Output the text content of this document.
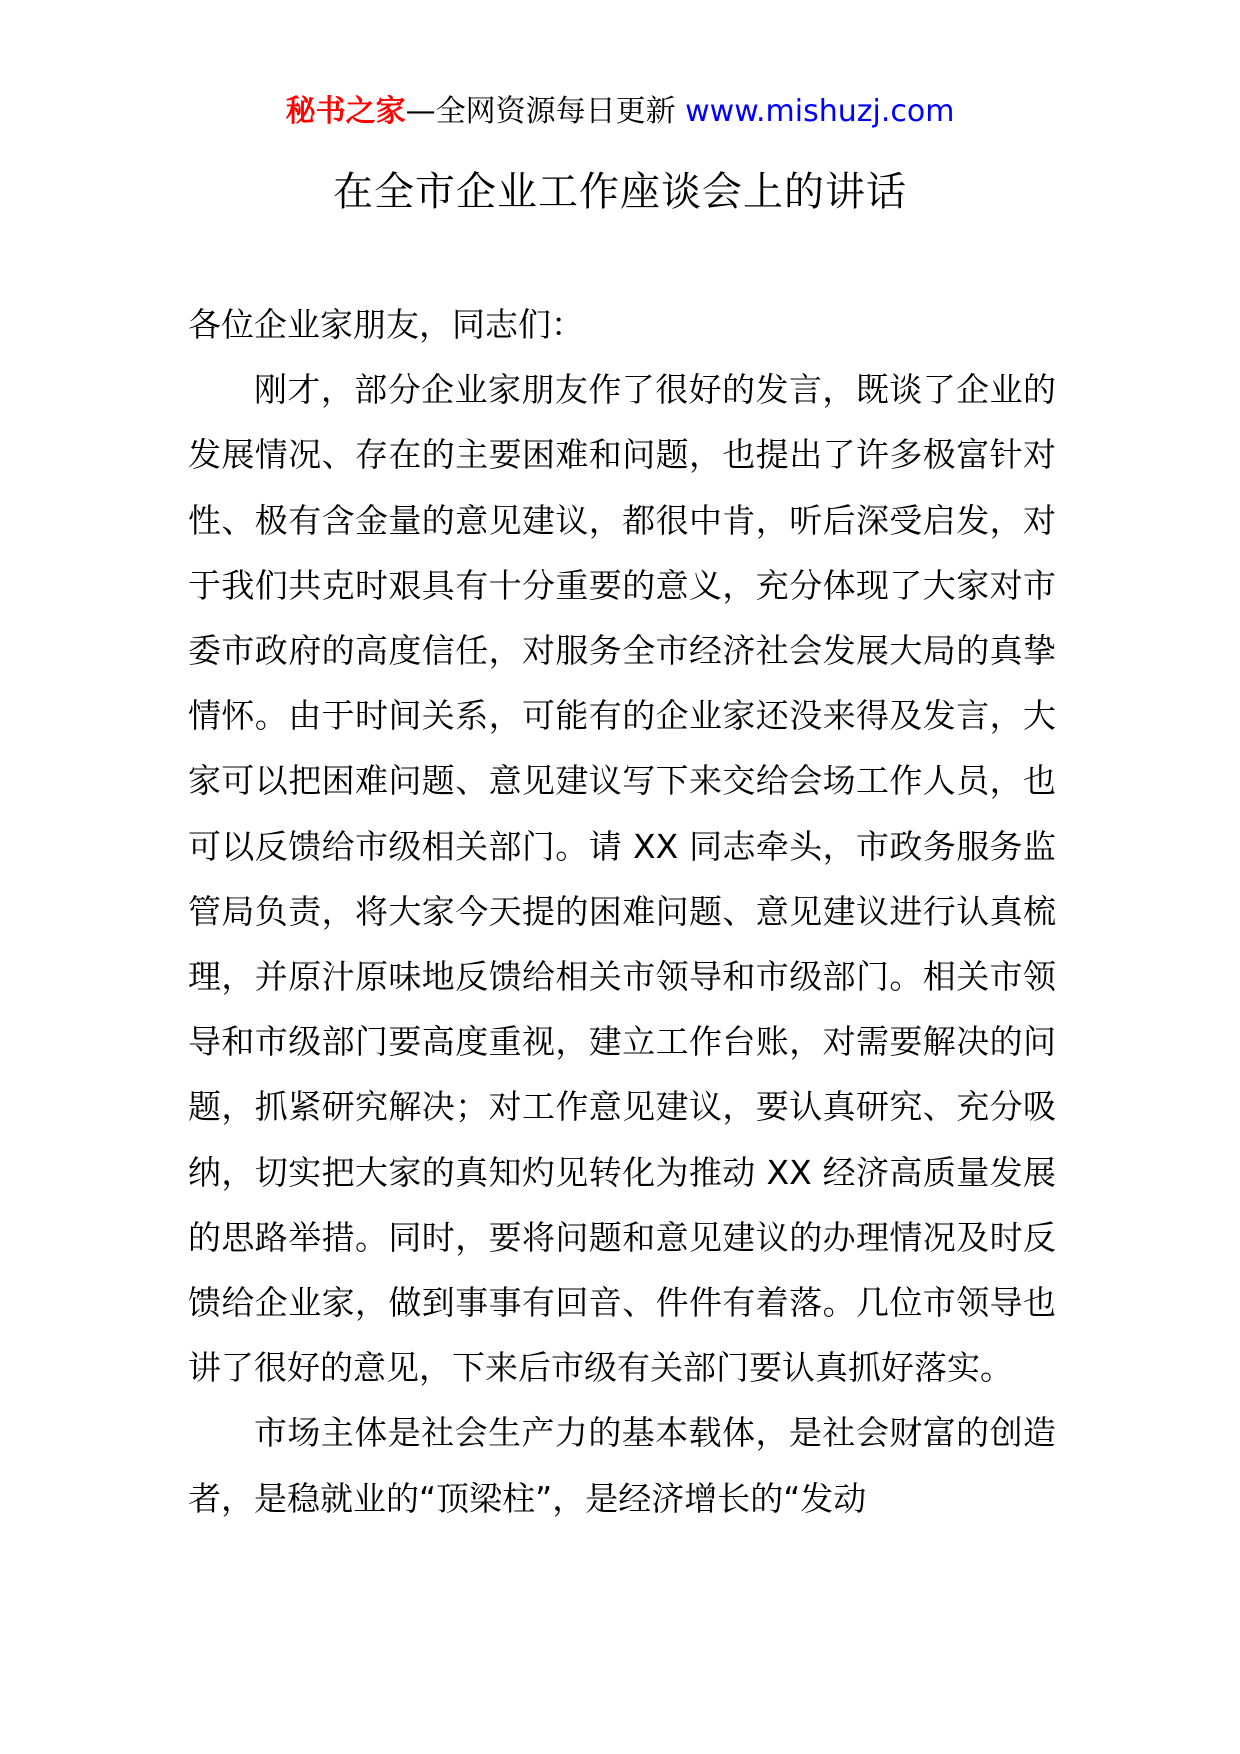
秘书之家—全网资源每日更新 www.mishuzj.com
在全市企业工作座谈会上的讲话

各位企业家朋友，同志们：

刚才，部分企业家朋友作了很好的发言，既谈了企业的发展情况、存在的主要困难和问题，也提出了许多极富针对性、极有含金量的意见建议，都很中肯，听后深受启发，对于我们共克时艰具有十分重要的意义，充分体现了大家对市委市政府的高度信任，对服务全市经济社会发展大局的真挚情怀。由于时间关系，可能有的企业家还没来得及发言，大家可以把困难问题、意见建议写下来交给会场工作人员，也可以反馈给市级相关部门。请 XX 同志牵头，市政务服务监管局负责，将大家今天提的困难问题、意见建议进行认真梳理，并原汁原味地反馈给相关市领导和市级部门。相关市领导和市级部门要高度重视，建立工作台账，对需要解决的问题，抓紧研究解决；对工作意见建议，要认真研究、充分吸纳，切实把大家的真知灼见转化为推动 XX 经济高质量发展的思路举措。同时，要将问题和意见建议的办理情况及时反馈给企业家，做到事事有回音、件件有着落。几位市领导也讲了很好的意见，下来后市级有关部门要认真抓好落实。

市场主体是社会生产力的基本载体，是社会财富的创造者，是稳就业的“顶梁柱”，是经济增长的“发动
